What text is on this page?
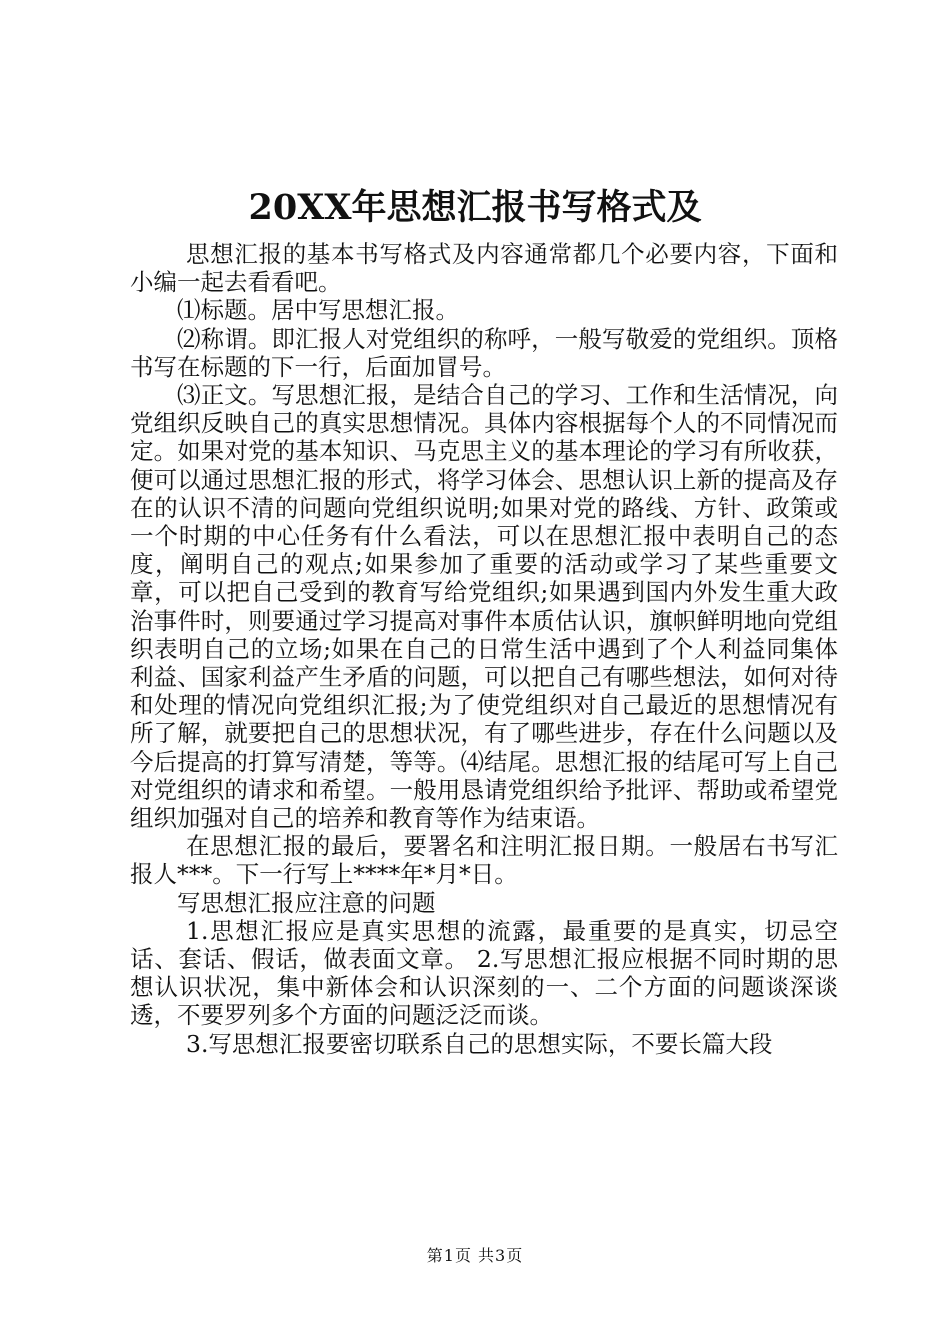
20XX年思想汇报书写格式及

思想汇报的基本书写格式及内容通常都几个必要内容，下面和小编一起去看看吧。

⑴标题。居中写思想汇报。

⑵称谓。即汇报人对党组织的称呼，一般写敬爱的党组织。顶格书写在标题的下一行，后面加冒号。

⑶正文。写思想汇报，是结合自己的学习、工作和生活情况，向党组织反映自己的真实思想情况。具体内容根据每个人的不同情况而定。如果对党的基本知识、马克思主义的基本理论的学习有所收获，便可以通过思想汇报的形式，将学习体会、思想认识上新的提高及存在的认识不清的问题向党组织说明;如果对党的路线、方针、政策或一个时期的中心任务有什么看法，可以在思想汇报中表明自己的态度，阐明自己的观点;如果参加了重要的活动或学习了某些重要文章，可以把自己受到的教育写给党组织;如果遇到国内外发生重大政治事件时，则要通过学习提高对事件本质估认识，旗帜鲜明地向党组织表明自己的立场;如果在自己的日常生活中遇到了个人利益同集体利益、国家利益产生矛盾的问题，可以把自己有哪些想法，如何对待和处理的情况向党组织汇报;为了使党组织对自己最近的思想情况有所了解，就要把自己的思想状况，有了哪些进步，存在什么问题以及今后提高的打算写清楚，等等。⑷结尾。思想汇报的结尾可写上自己对党组织的请求和希望。一般用恳请党组织给予批评、帮助或希望党组织加强对自己的培养和教育等作为结束语。

在思想汇报的最后，要署名和注明汇报日期。一般居右书写汇报人***。下一行写上****年*月*日。

写思想汇报应注意的问题

1.思想汇报应是真实思想的流露，最重要的是真实，切忌空话、套话、假话，做表面文章。 2.写思想汇报应根据不同时期的思想认识状况，集中新体会和认识深刻的一、二个方面的问题谈深谈透，不要罗列多个方面的问题泛泛而谈。

3.写思想汇报要密切联系自己的思想实际，不要长篇大段

第1页 共3页
